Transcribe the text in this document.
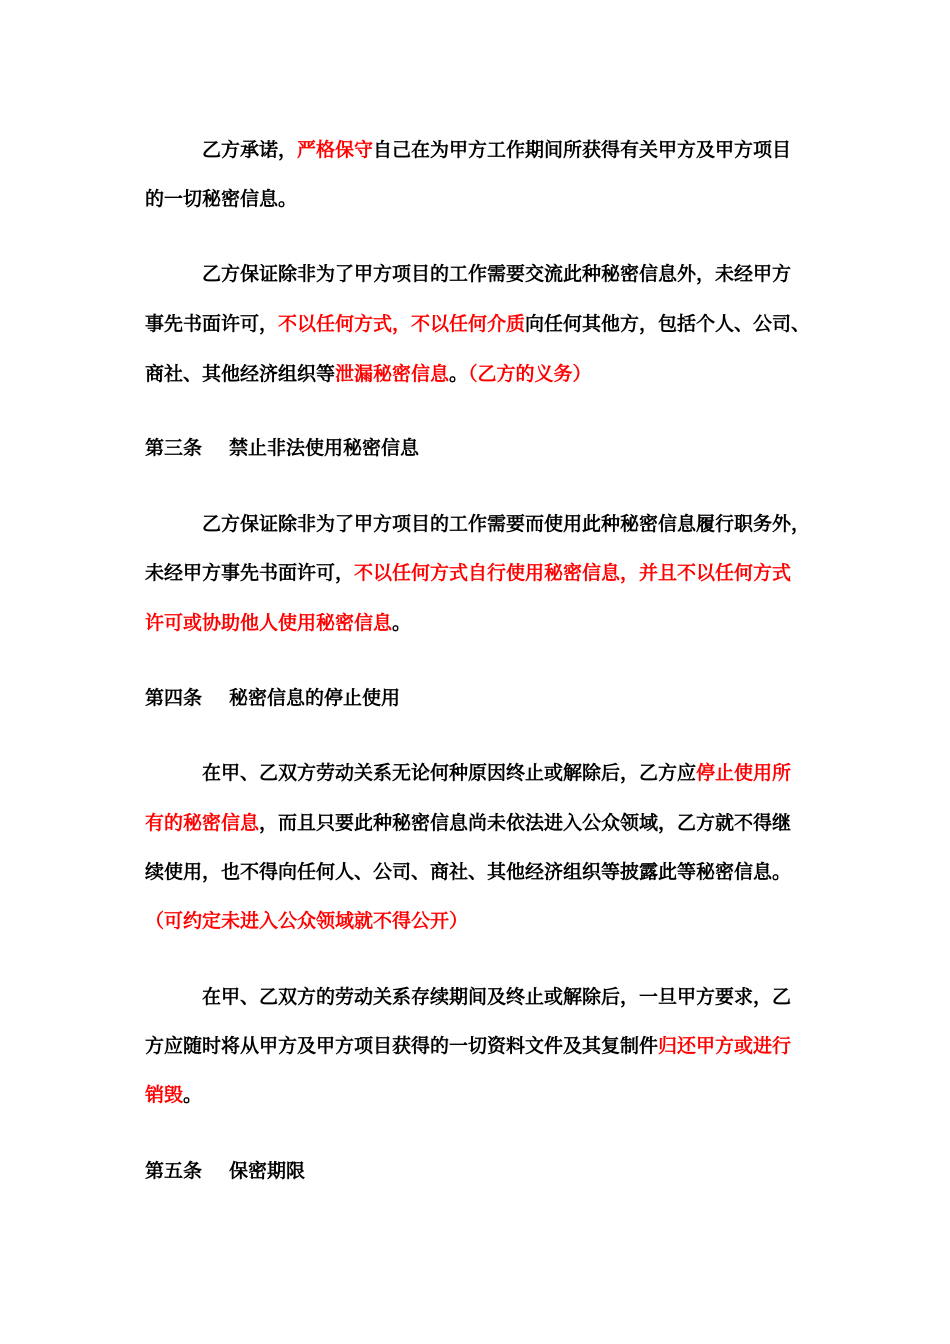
乙方承诺，严格保守自己在为甲方工作期间所获得有关甲方及甲方项目
的一切秘密信息。
乙方保证除非为了甲方项目的工作需要交流此种秘密信息外，未经甲方
事先书面许可，不以任何方式，不以任何介质向任何其他方，包括个人、公司、
商社、其他经济组织等泄漏秘密信息。（乙方的义务）
第三条 禁止非法使用秘密信息
乙方保证除非为了甲方项目的工作需要而使用此种秘密信息履行职务外，
未经甲方事先书面许可，不以任何方式自行使用秘密信息，并且不以任何方式
许可或协助他人使用秘密信息。
第四条 秘密信息的停止使用
在甲、乙双方劳动关系无论何种原因终止或解除后，乙方应停止使用所
有的秘密信息，而且只要此种秘密信息尚未依法进入公众领域，乙方就不得继
续使用，也不得向任何人、公司、商社、其他经济组织等披露此等秘密信息。
（可约定未进入公众领域就不得公开）
在甲、乙双方的劳动关系存续期间及终止或解除后，一旦甲方要求，乙
方应随时将从甲方及甲方项目获得的一切资料文件及其复制件归还甲方或进行
销毁。
第五条 保密期限
